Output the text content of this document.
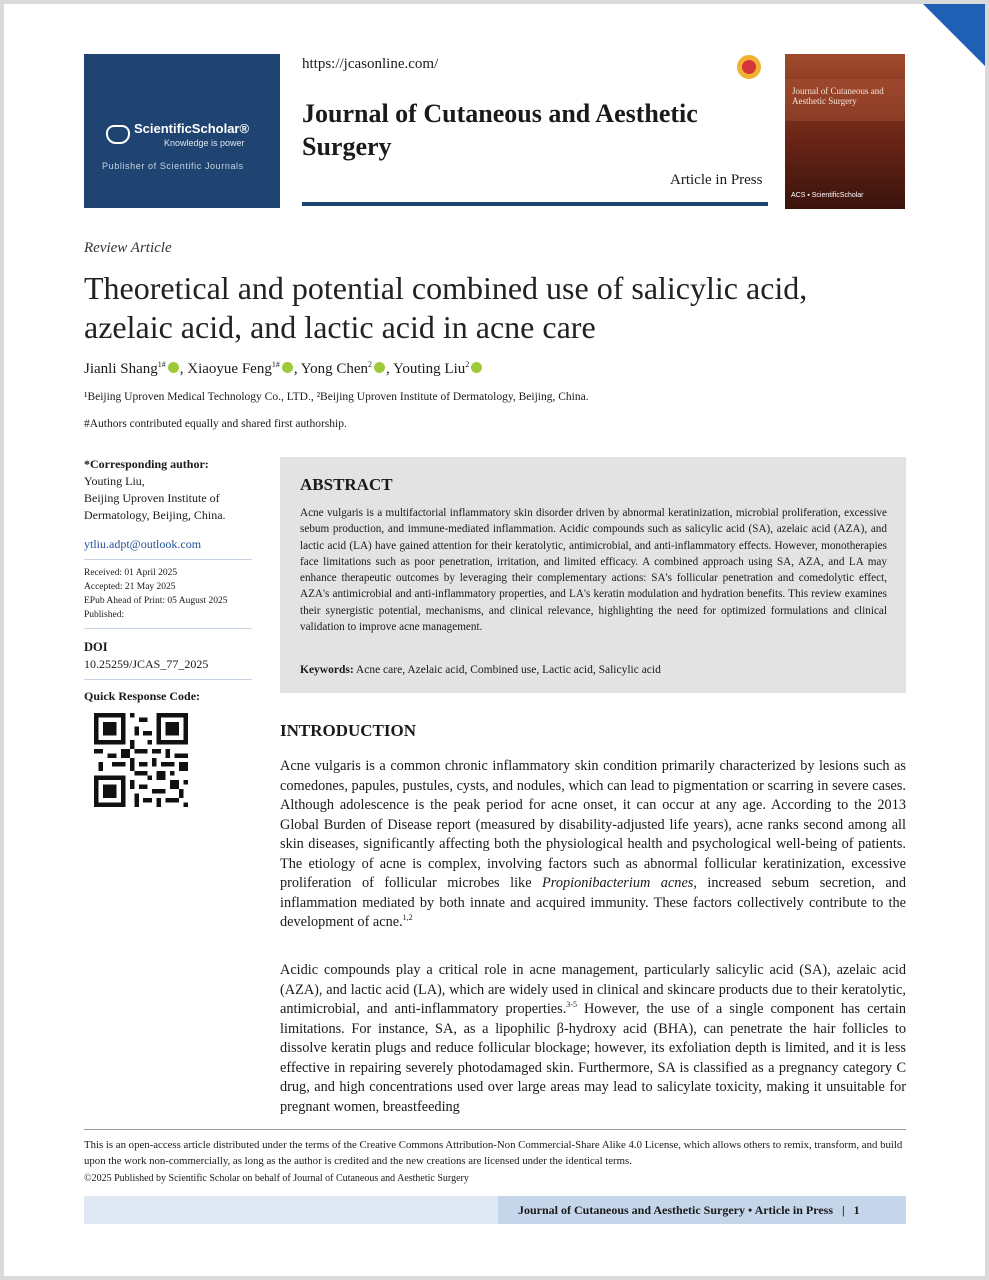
ScientificScholar®
Knowledge is power
Publisher of Scientific Journals
https://jcasonline.com/
Journal of Cutaneous and Aesthetic Surgery
Article in Press
Journal of Cutaneous and Aesthetic Surgery
ACS ▪ ScientificScholar
Review Article
Theoretical and potential combined use of salicylic acid, azelaic acid, and lactic acid in acne care
Jianli Shang$^{1\#}$ , Xiaoyue Feng$^{1\#}$ , Yong Chen$^2$ , Youting Liu$^2$
¹Beijing Uproven Medical Technology Co., LTD., ²Beijing Uproven Institute of Dermatology, Beijing, China.
#Authors contributed equally and shared first authorship.
*Corresponding author:
Youting Liu,
Beijing Uproven Institute of Dermatology, Beijing, China.
ytliu.adpt@outlook.com
Received: 01 April 2025
Accepted: 21 May 2025
EPub Ahead of Print: 05 August 2025
Published:
DOI
10.25259/JCAS_77_2025
Quick Response Code:
ABSTRACT
Acne vulgaris is a multifactorial inflammatory skin disorder driven by abnormal keratinization, microbial proliferation, excessive sebum production, and immune-mediated inflammation. Acidic compounds such as salicylic acid (SA), azelaic acid (AZA), and lactic acid (LA) have gained attention for their keratolytic, antimicrobial, and anti-inflammatory effects. However, monotherapies face limitations such as poor penetration, irritation, and limited efficacy. A combined approach using SA, AZA, and LA may enhance therapeutic outcomes by leveraging their complementary actions: SA's follicular penetration and comedolytic effect, AZA's antimicrobial and anti-inflammatory properties, and LA's keratin modulation and hydration benefits. This review examines their synergistic potential, mechanisms, and clinical relevance, highlighting the need for optimized formulations and clinical validation to improve acne management.
Keywords: Acne care, Azelaic acid, Combined use, Lactic acid, Salicylic acid
INTRODUCTION
Acne vulgaris is a common chronic inflammatory skin condition primarily characterized by lesions such as comedones, papules, pustules, cysts, and nodules, which can lead to pigmentation or scarring in severe cases. Although adolescence is the peak period for acne onset, it can occur at any age. According to the 2013 Global Burden of Disease report (measured by disability-adjusted life years), acne ranks second among all skin diseases, significantly affecting both the physiological health and psychological well-being of patients. The etiology of acne is complex, involving factors such as abnormal follicular keratinization, excessive proliferation of follicular microbes like Propionibacterium acnes, increased sebum secretion, and inflammation mediated by both innate and acquired immunity. These factors collectively contribute to the development of acne.$^{1,2}$
Acidic compounds play a critical role in acne management, particularly salicylic acid (SA), azelaic acid (AZA), and lactic acid (LA), which are widely used in clinical and skincare products due to their keratolytic, antimicrobial, and anti-inflammatory properties.$^{3-5}$ However, the use of a single component has certain limitations. For instance, SA, as a lipophilic β-hydroxy acid (BHA), can penetrate the hair follicles to dissolve keratin plugs and reduce follicular blockage; however, its exfoliation depth is limited, and it is less effective in repairing severely photodamaged skin. Furthermore, SA is classified as a pregnancy category C drug, and high concentrations used over large areas may lead to salicylate toxicity, making it unsuitable for pregnant women, breastfeeding
This is an open-access article distributed under the terms of the Creative Commons Attribution-Non Commercial-Share Alike 4.0 License, which allows others to remix, transform, and build upon the work non-commercially, as long as the author is credited and the new creations are licensed under the identical terms.
©2025 Published by Scientific Scholar on behalf of Journal of Cutaneous and Aesthetic Surgery
Journal of Cutaneous and Aesthetic Surgery • Article in Press   |   1
